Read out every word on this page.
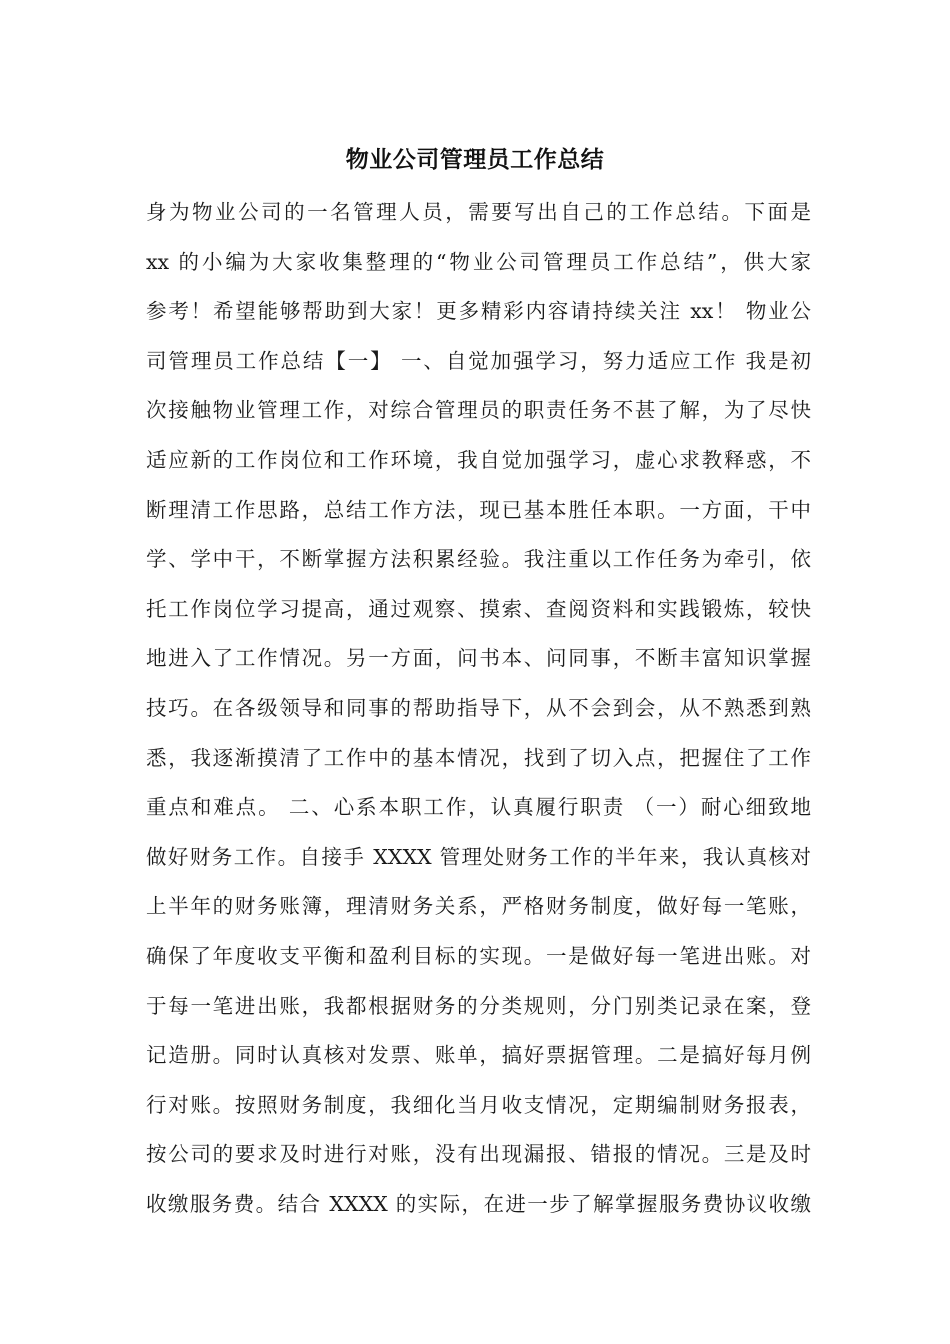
物业公司管理员工作总结
身为物业公司的一名管理人员，需要写出自己的工作总结。下面是
xx 的小编为大家收集整理的“物业公司管理员工作总结”，供大家
参考！希望能够帮助到大家！更多精彩内容请持续关注 xx！ 物业公
司管理员工作总结【一】 一、自觉加强学习，努力适应工作 我是初
次接触物业管理工作，对综合管理员的职责任务不甚了解，为了尽快
适应新的工作岗位和工作环境，我自觉加强学习，虚心求教释惑，不
断理清工作思路，总结工作方法，现已基本胜任本职。一方面，干中
学、学中干，不断掌握方法积累经验。我注重以工作任务为牵引，依
托工作岗位学习提高，通过观察、摸索、查阅资料和实践锻炼，较快
地进入了工作情况。另一方面，问书本、问同事，不断丰富知识掌握
技巧。在各级领导和同事的帮助指导下，从不会到会，从不熟悉到熟
悉，我逐渐摸清了工作中的基本情况，找到了切入点，把握住了工作
重点和难点。 二、心系本职工作，认真履行职责 （一）耐心细致地
做好财务工作。自接手 XXXX 管理处财务工作的半年来，我认真核对
上半年的财务账簿，理清财务关系，严格财务制度，做好每一笔账，
确保了年度收支平衡和盈利目标的实现。一是做好每一笔进出账。对
于每一笔进出账，我都根据财务的分类规则，分门别类记录在案，登
记造册。同时认真核对发票、账单，搞好票据管理。二是搞好每月例
行对账。按照财务制度，我细化当月收支情况，定期编制财务报表，
按公司的要求及时进行对账，没有出现漏报、错报的情况。三是及时
收缴服务费。结合 XXXX 的实际，在进一步了解掌握服务费协议收缴
